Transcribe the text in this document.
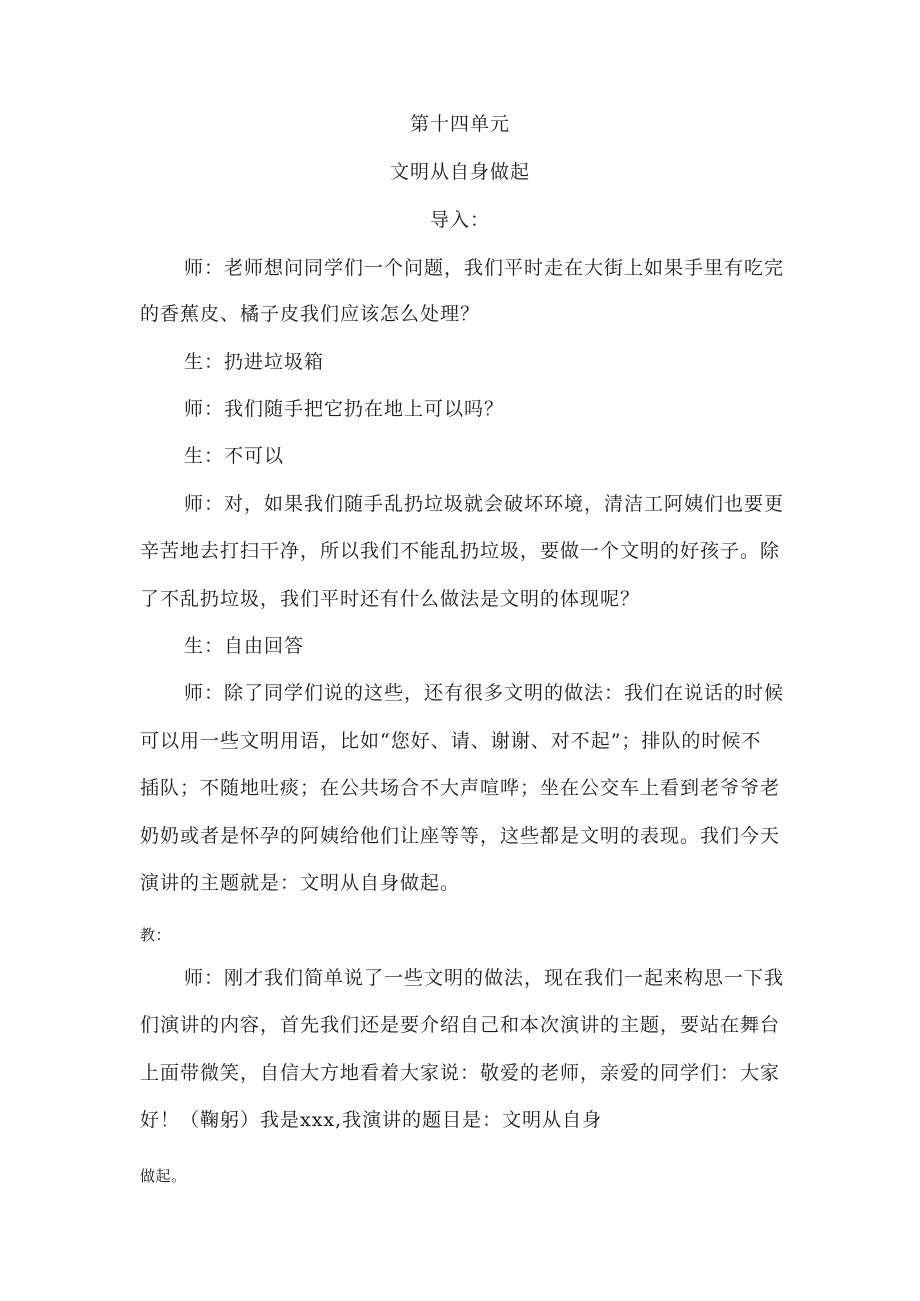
第十四单元
文明从自身做起
导入：
师：老师想问同学们一个问题，我们平时走在大街上如果手里有吃完
的香蕉皮、橘子皮我们应该怎么处理？
生：扔进垃圾箱
师：我们随手把它扔在地上可以吗？
生：不可以
师：对，如果我们随手乱扔垃圾就会破坏环境，清洁工阿姨们也要更
辛苦地去打扫干净，所以我们不能乱扔垃圾，要做一个文明的好孩子。除
了不乱扔垃圾，我们平时还有什么做法是文明的体现呢？
生：自由回答
师：除了同学们说的这些，还有很多文明的做法：我们在说话的时候
可以用一些文明用语，比如“您好、请、谢谢、对不起”；排队的时候不
插队；不随地吐痰；在公共场合不大声喧哗；坐在公交车上看到老爷爷老
奶奶或者是怀孕的阿姨给他们让座等等，这些都是文明的表现。我们今天
演讲的主题就是：文明从自身做起。
教：
师：刚才我们简单说了一些文明的做法，现在我们一起来构思一下我
们演讲的内容，首先我们还是要介绍自己和本次演讲的主题，要站在舞台
上面带微笑，自信大方地看着大家说：敬爱的老师，亲爱的同学们：大家
好！（鞠躬）我是xxx,我演讲的题目是：文明从自身
做起。
